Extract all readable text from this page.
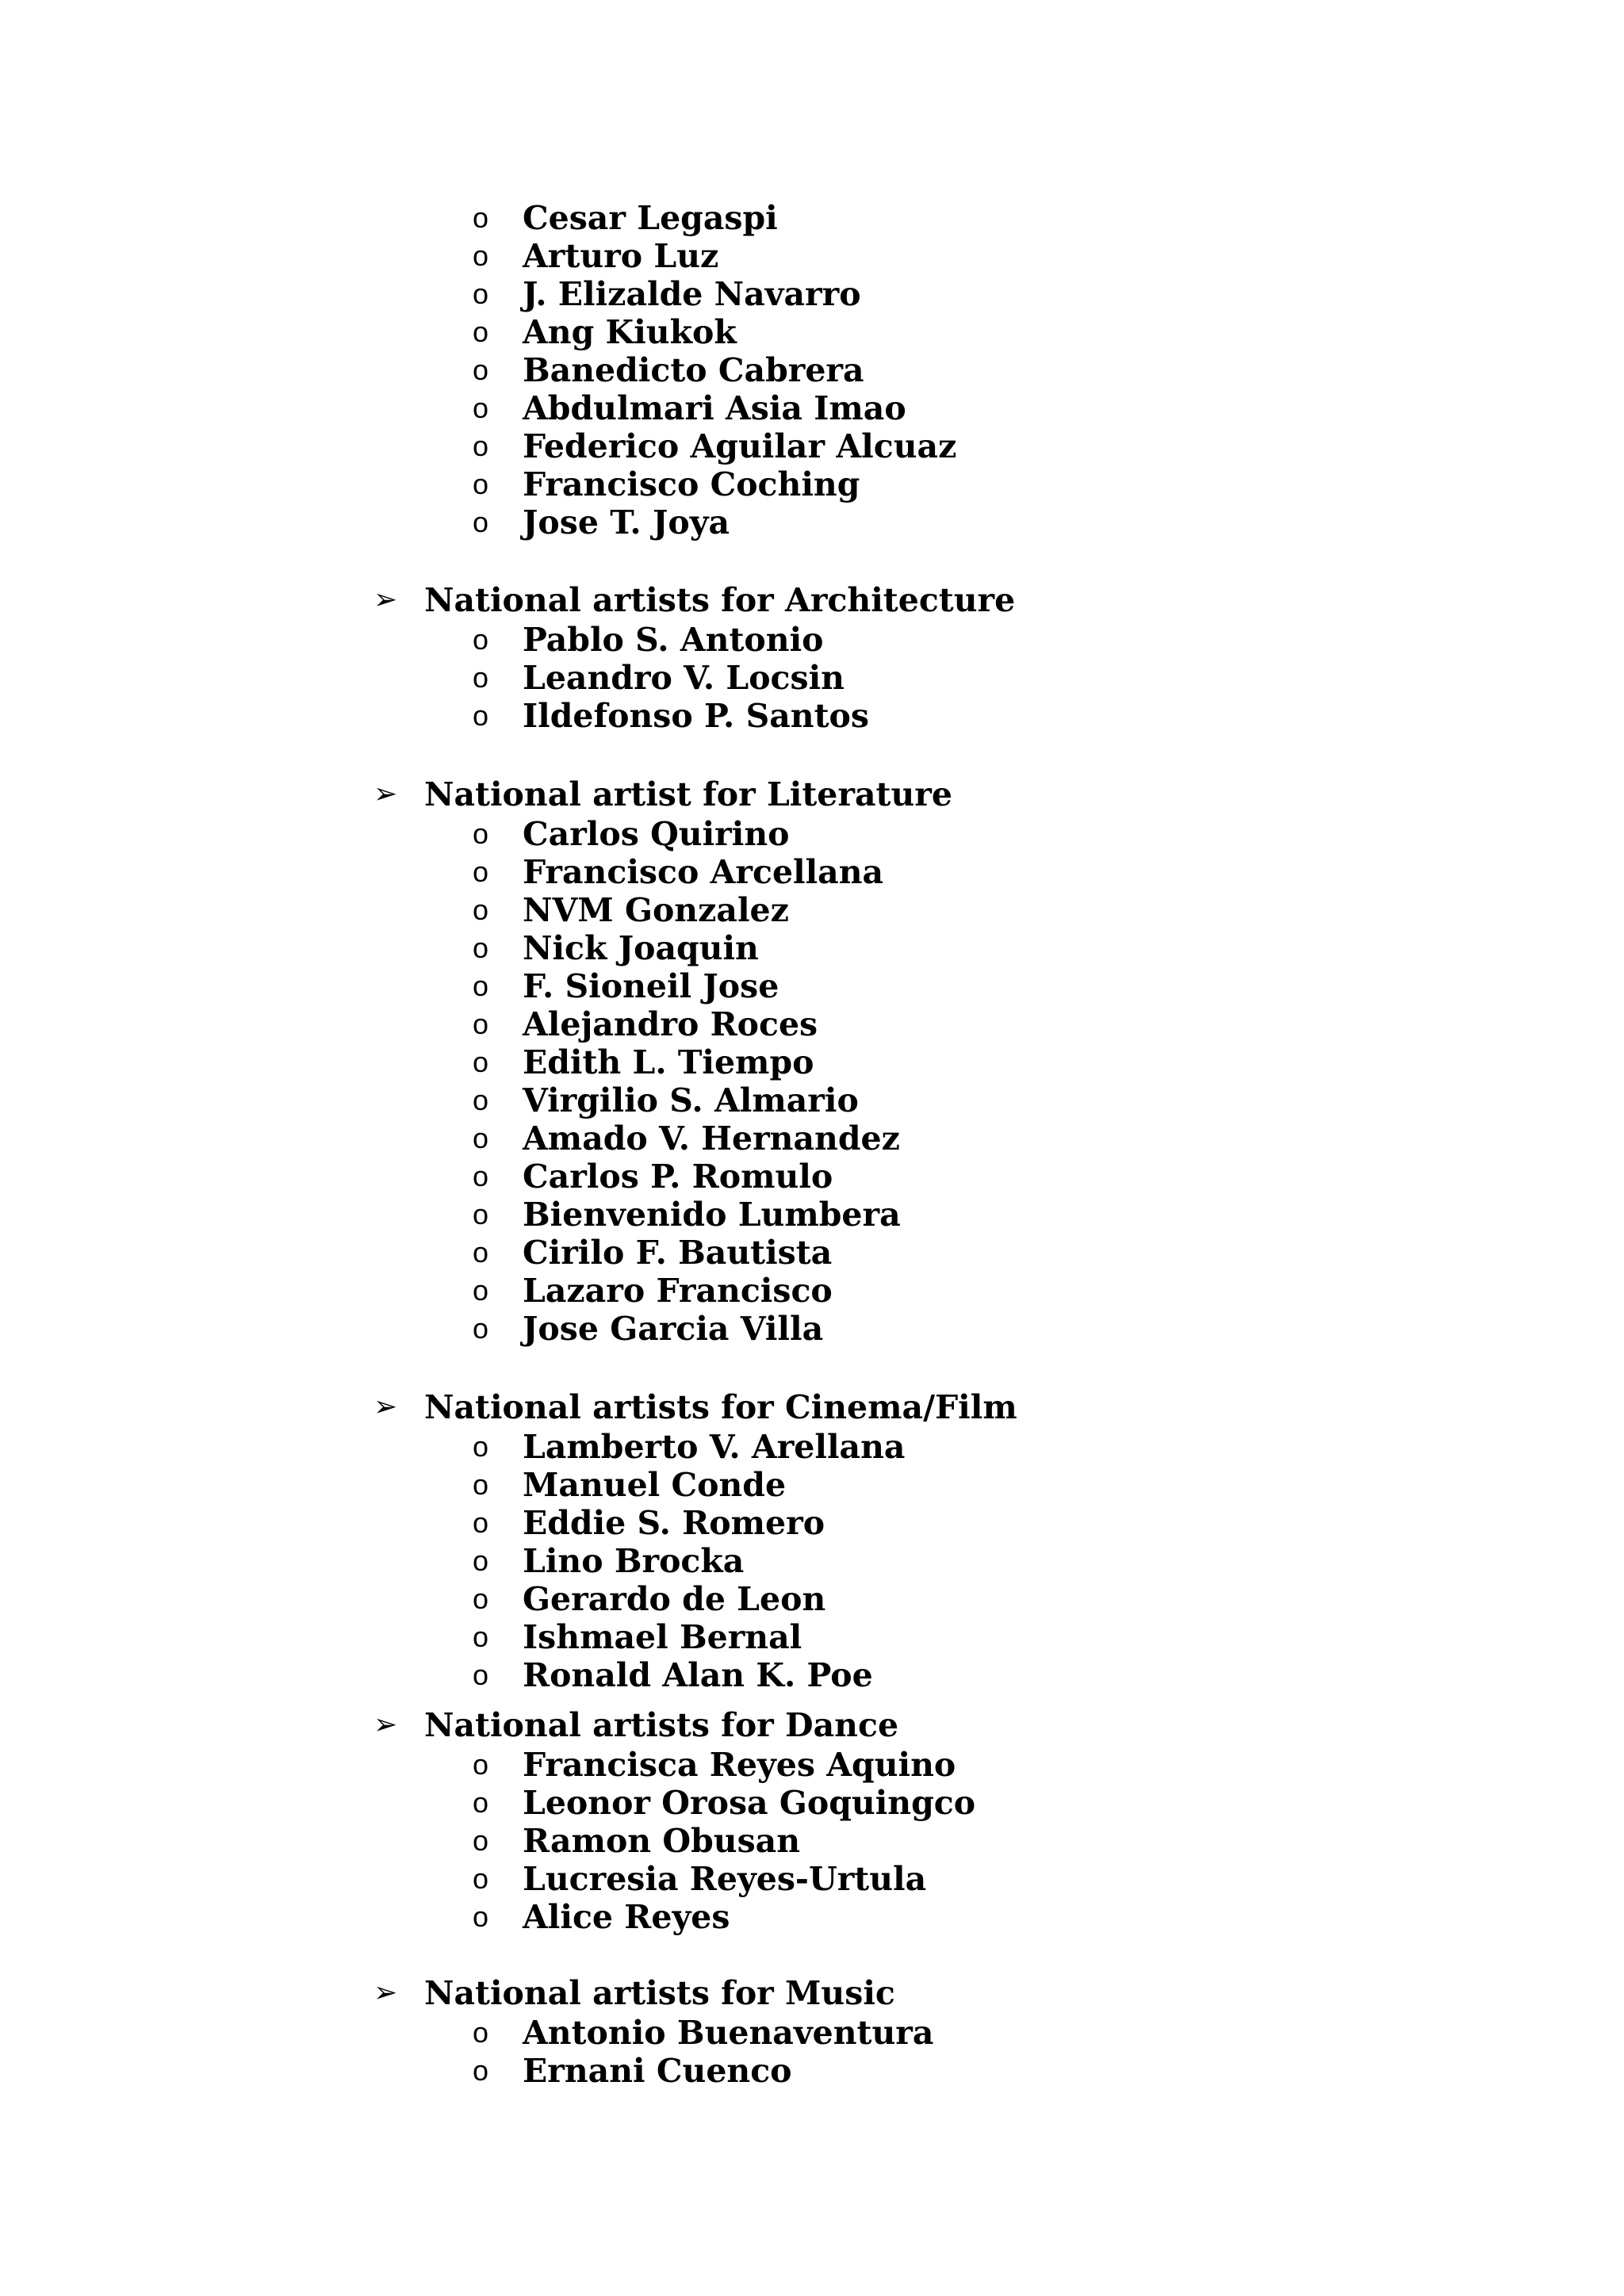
o Cesar Legaspi
o Arturo Luz
o J. Elizalde Navarro
o Ang Kiukok
o Banedicto Cabrera
o Abdulmari Asia Imao
o Federico Aguilar Alcuaz
o Francisco Coching
o Jose T. Joya
➢ National artists for Architecture
o Pablo S. Antonio
o Leandro V. Locsin
o Ildefonso P. Santos
➢ National artist for Literature
o Carlos Quirino
o Francisco Arcellana
o NVM Gonzalez
o Nick Joaquin
o F. Sioneil Jose
o Alejandro Roces
o Edith L. Tiempo
o Virgilio S. Almario
o Amado V. Hernandez
o Carlos P. Romulo
o Bienvenido Lumbera
o Cirilo F. Bautista
o Lazaro Francisco
o Jose Garcia Villa
➢ National artists for Cinema/Film
o Lamberto V. Arellana
o Manuel Conde
o Eddie S. Romero
o Lino Brocka
o Gerardo de Leon
o Ishmael Bernal
o Ronald Alan K. Poe
➢ National artists for Dance
o Francisca Reyes Aquino
o Leonor Orosa Goquingco
o Ramon Obusan
o Lucresia Reyes-Urtula
o Alice Reyes
➢ National artists for Music
o Antonio Buenaventura
o Ernani Cuenco
